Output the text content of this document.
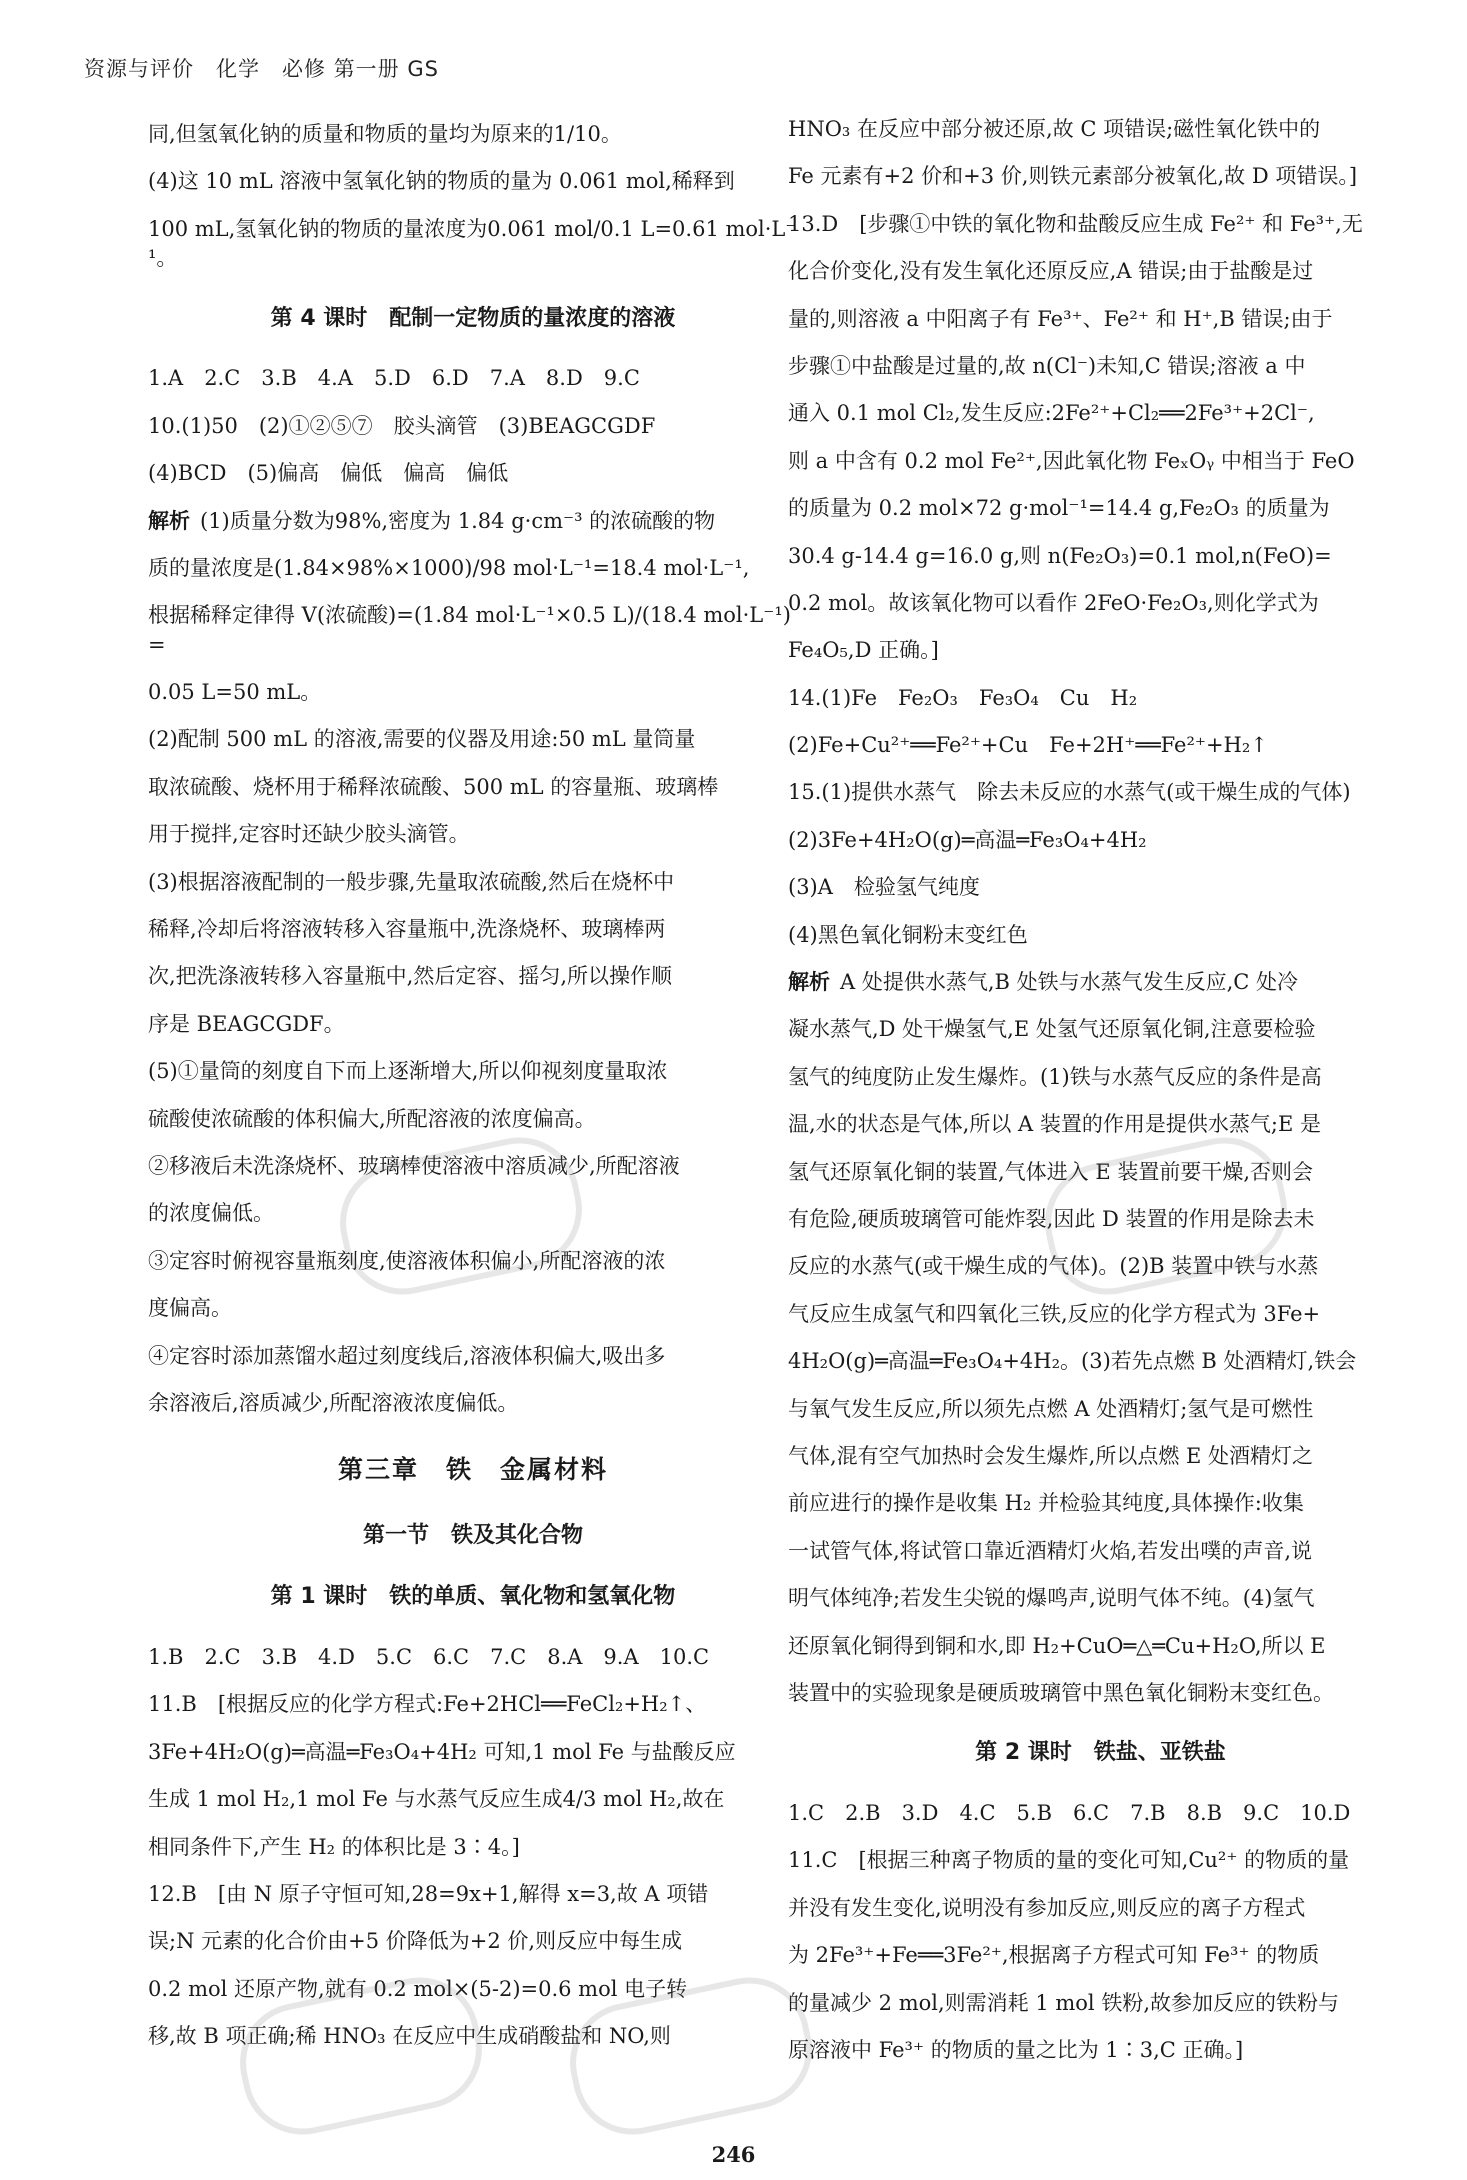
资源与评价　化学　必修 第一册 GS
同,但氢氧化钠的质量和物质的量均为原来的1/10。
(4)这 10 mL 溶液中氢氧化钠的物质的量为 0.061 mol,稀释到
100 mL,氢氧化钠的物质的量浓度为0.061 mol/0.1 L=0.61 mol·L⁻¹。
第 4 课时　配制一定物质的量浓度的溶液
1.A　2.C　3.B　4.A　5.D　6.D　7.A　8.D　9.C
10.(1)50　(2)①②⑤⑦　胶头滴管　(3)BEAGCGDF
(4)BCD　(5)偏高　偏低　偏高　偏低
解析 (1)质量分数为98%,密度为 1.84 g·cm⁻³ 的浓硫酸的物
质的量浓度是(1.84×98%×1000)/98 mol·L⁻¹=18.4 mol·L⁻¹,
根据稀释定律得 V(浓硫酸)=(1.84 mol·L⁻¹×0.5 L)/(18.4 mol·L⁻¹)=
0.05 L=50 mL。
(2)配制 500 mL 的溶液,需要的仪器及用途:50 mL 量筒量
取浓硫酸、烧杯用于稀释浓硫酸、500 mL 的容量瓶、玻璃棒
用于搅拌,定容时还缺少胶头滴管。
(3)根据溶液配制的一般步骤,先量取浓硫酸,然后在烧杯中
稀释,冷却后将溶液转移入容量瓶中,洗涤烧杯、玻璃棒两
次,把洗涤液转移入容量瓶中,然后定容、摇匀,所以操作顺
序是 BEAGCGDF。
(5)①量筒的刻度自下而上逐渐增大,所以仰视刻度量取浓
硫酸使浓硫酸的体积偏大,所配溶液的浓度偏高。
②移液后未洗涤烧杯、玻璃棒使溶液中溶质减少,所配溶液
的浓度偏低。
③定容时俯视容量瓶刻度,使溶液体积偏小,所配溶液的浓
度偏高。
④定容时添加蒸馏水超过刻度线后,溶液体积偏大,吸出多
余溶液后,溶质减少,所配溶液浓度偏低。
第三章　铁　金属材料
第一节　铁及其化合物
第 1 课时　铁的单质、氧化物和氢氧化物
1.B　2.C　3.B　4.D　5.C　6.C　7.C　8.A　9.A　10.C
11.B　[根据反应的化学方程式:Fe+2HCl══FeCl₂+H₂↑、
3Fe+4H₂O(g)═高温═Fe₃O₄+4H₂ 可知,1 mol Fe 与盐酸反应
生成 1 mol H₂,1 mol Fe 与水蒸气反应生成4/3 mol H₂,故在
相同条件下,产生 H₂ 的体积比是 3∶4。]
12.B　[由 N 原子守恒可知,28=9x+1,解得 x=3,故 A 项错
误;N 元素的化合价由+5 价降低为+2 价,则反应中每生成
0.2 mol 还原产物,就有 0.2 mol×(5-2)=0.6 mol 电子转
移,故 B 项正确;稀 HNO₃ 在反应中生成硝酸盐和 NO,则
HNO₃ 在反应中部分被还原,故 C 项错误;磁性氧化铁中的
Fe 元素有+2 价和+3 价,则铁元素部分被氧化,故 D 项错误。]
13.D　[步骤①中铁的氧化物和盐酸反应生成 Fe²⁺ 和 Fe³⁺,无
化合价变化,没有发生氧化还原反应,A 错误;由于盐酸是过
量的,则溶液 a 中阳离子有 Fe³⁺、Fe²⁺ 和 H⁺,B 错误;由于
步骤①中盐酸是过量的,故 n(Cl⁻)未知,C 错误;溶液 a 中
通入 0.1 mol Cl₂,发生反应:2Fe²⁺+Cl₂══2Fe³⁺+2Cl⁻,
则 a 中含有 0.2 mol Fe²⁺,因此氧化物 FeₓOᵧ 中相当于 FeO
的质量为 0.2 mol×72 g·mol⁻¹=14.4 g,Fe₂O₃ 的质量为
30.4 g-14.4 g=16.0 g,则 n(Fe₂O₃)=0.1 mol,n(FeO)=
0.2 mol。故该氧化物可以看作 2FeO·Fe₂O₃,则化学式为
Fe₄O₅,D 正确。]
14.(1)Fe　Fe₂O₃　Fe₃O₄　Cu　H₂
(2)Fe+Cu²⁺══Fe²⁺+Cu　Fe+2H⁺══Fe²⁺+H₂↑
15.(1)提供水蒸气　除去未反应的水蒸气(或干燥生成的气体)
(2)3Fe+4H₂O(g)═高温═Fe₃O₄+4H₂
(3)A　检验氢气纯度
(4)黑色氧化铜粉末变红色
解析 A 处提供水蒸气,B 处铁与水蒸气发生反应,C 处冷
凝水蒸气,D 处干燥氢气,E 处氢气还原氧化铜,注意要检验
氢气的纯度防止发生爆炸。(1)铁与水蒸气反应的条件是高
温,水的状态是气体,所以 A 装置的作用是提供水蒸气;E 是
氢气还原氧化铜的装置,气体进入 E 装置前要干燥,否则会
有危险,硬质玻璃管可能炸裂,因此 D 装置的作用是除去未
反应的水蒸气(或干燥生成的气体)。(2)B 装置中铁与水蒸
气反应生成氢气和四氧化三铁,反应的化学方程式为 3Fe+
4H₂O(g)═高温═Fe₃O₄+4H₂。(3)若先点燃 B 处酒精灯,铁会
与氧气发生反应,所以须先点燃 A 处酒精灯;氢气是可燃性
气体,混有空气加热时会发生爆炸,所以点燃 E 处酒精灯之
前应进行的操作是收集 H₂ 并检验其纯度,具体操作:收集
一试管气体,将试管口靠近酒精灯火焰,若发出噗的声音,说
明气体纯净;若发生尖锐的爆鸣声,说明气体不纯。(4)氢气
还原氧化铜得到铜和水,即 H₂+CuO═△═Cu+H₂O,所以 E
装置中的实验现象是硬质玻璃管中黑色氧化铜粉末变红色。
第 2 课时　铁盐、亚铁盐
1.C　2.B　3.D　4.C　5.B　6.C　7.B　8.B　9.C　10.D
11.C　[根据三种离子物质的量的变化可知,Cu²⁺ 的物质的量
并没有发生变化,说明没有参加反应,则反应的离子方程式
为 2Fe³⁺+Fe══3Fe²⁺,根据离子方程式可知 Fe³⁺ 的物质
的量减少 2 mol,则需消耗 1 mol 铁粉,故参加反应的铁粉与
原溶液中 Fe³⁺ 的物质的量之比为 1∶3,C 正确。]
246
